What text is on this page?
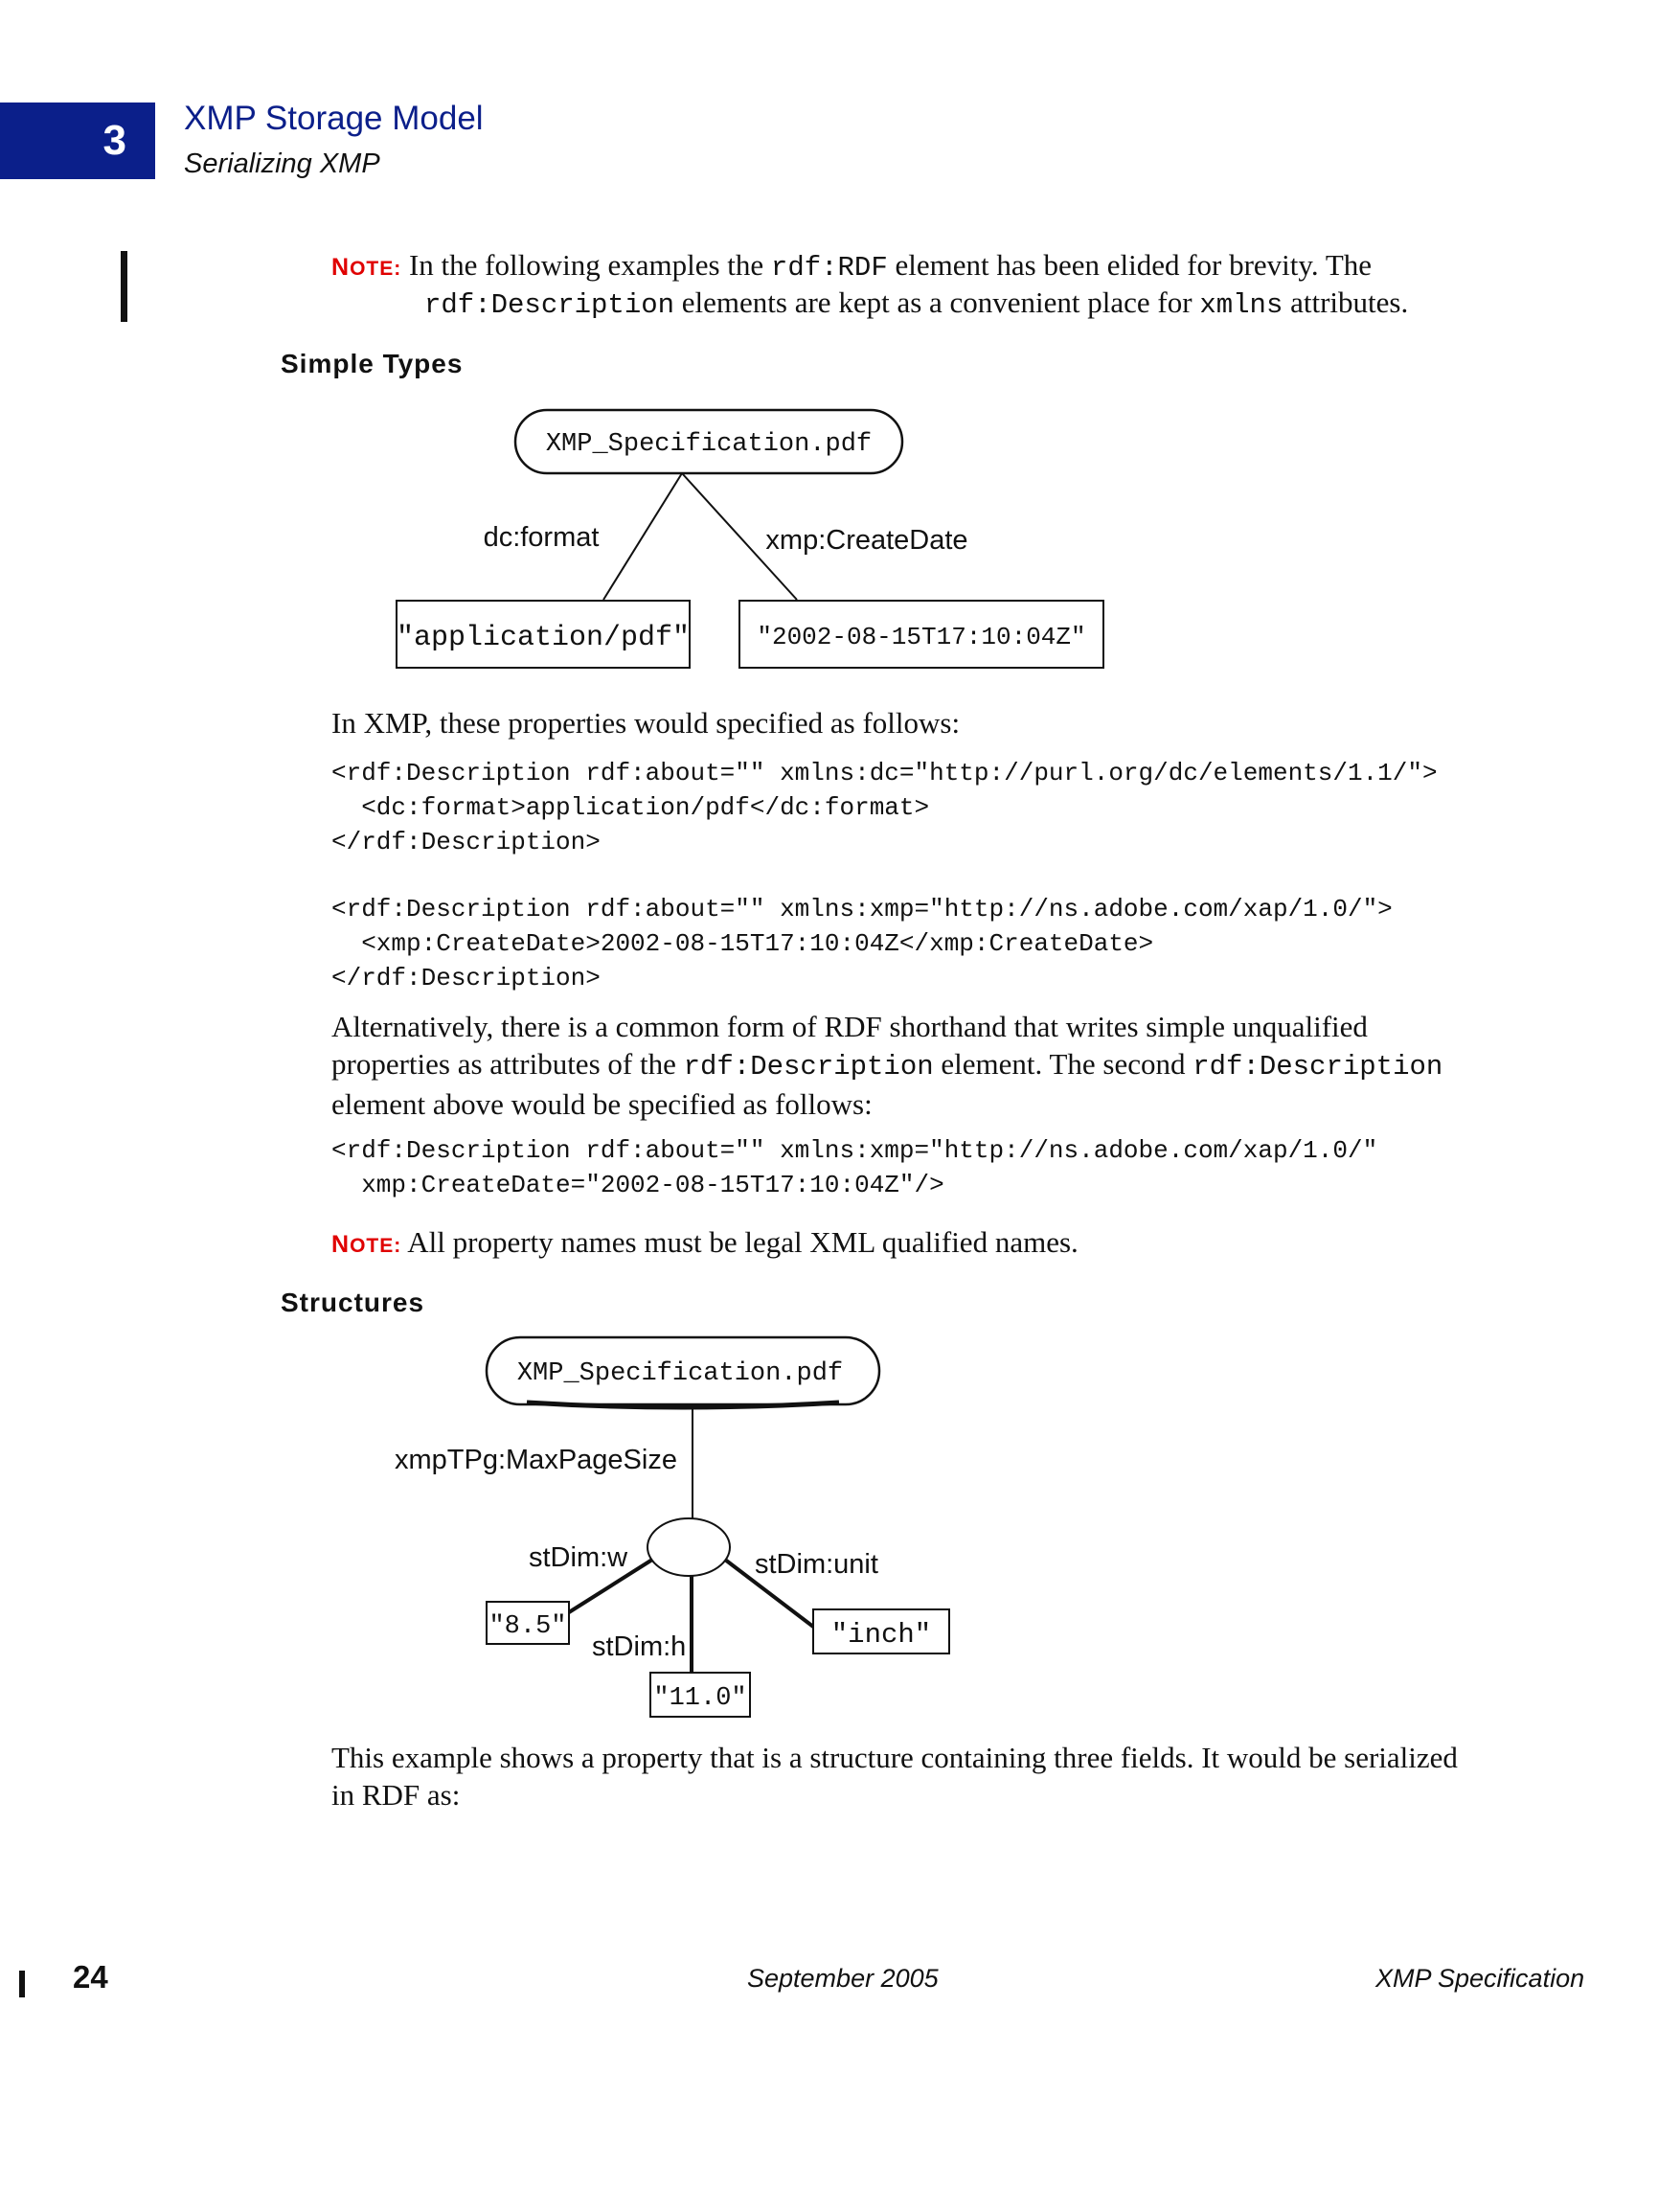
3	XMP Storage Model
Serializing XMP
NOTE: In the following examples the rdf:RDF element has been elided for brevity. The
rdf:Description elements are kept as a convenient place for xmlns attributes.
Simple Types
XMP_Specification.pdf
dc:format	xmp:CreateDate
"application/pdf"	"2002-08-15T17:10:04Z"
In XMP, these properties would specified as follows:
<rdf:Description rdf:about="" xmlns:dc="http://purl.org/dc/elements/1.1/">
<dc:format>application/pdf</dc:format>
</rdf:Description>
<rdf:Description rdf:about="" xmlns:xmp="http://ns.adobe.com/xap/1.0/">
<xmp:CreateDate>2002-08-15T17:10:04Z</xmp:CreateDate>
</rdf:Description>
Alternatively, there is a common form of RDF shorthand that writes simple unqualified
properties as attributes of the rdf:Description element. The second rdf:Description
element above would be specified as follows:
<rdf:Description rdf:about="" xmlns:xmp="http://ns.adobe.com/xap/1.0/"
xmp:CreateDate="2002-08-15T17:10:04Z"/>
NOTE: All property names must be legal XML qualified names.
Structures
XMP_Specification.pdf
xmpTPg:MaxPageSize
stDim:w
stDim:h
stDim:unit
"8.5"
"11.0"
"inch"
This example shows a property that is a structure containing three fields. It would be serialized
in RDF as:
24	September 2005	XMP Specification
